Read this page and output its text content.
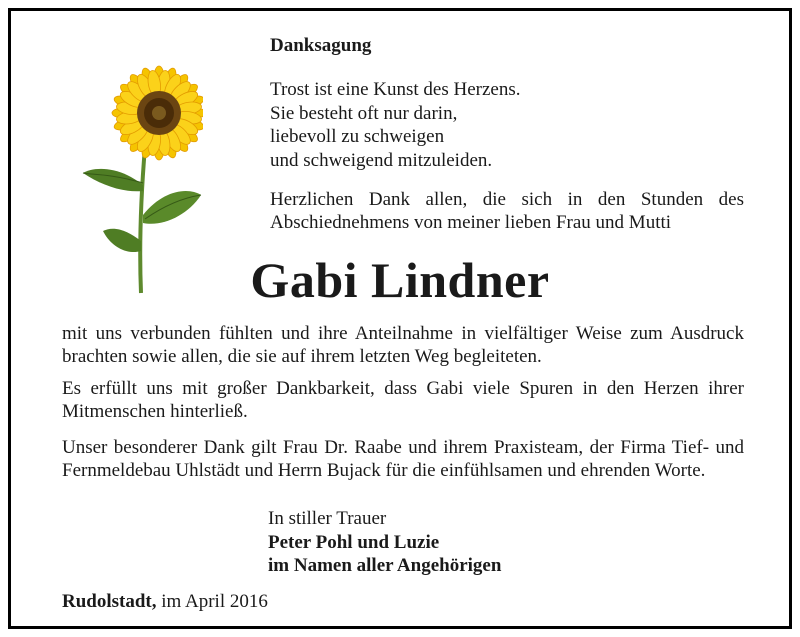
Danksagung
Trost ist eine Kunst des Herzens.
Sie besteht oft nur darin,
liebevoll zu schweigen
und schweigend mitzuleiden.
Herzlichen Dank allen, die sich in den Stunden des Abschiednehmens von meiner lieben Frau und Mutti
Gabi Lindner
mit uns verbunden fühlten und ihre Anteilnahme in vielfältiger Weise zum Ausdruck brachten sowie allen, die sie auf ihrem letzten Weg begleiteten.
Es erfüllt uns mit großer Dankbarkeit, dass Gabi viele Spuren in den Herzen ihrer Mitmenschen hinterließ.
Unser besonderer Dank gilt Frau Dr. Raabe und ihrem Praxisteam, der Firma Tief- und Fernmeldebau Uhlstädt und Herrn Bujack für die einfühlsamen und ehrenden Worte.
In stiller Trauer
Peter Pohl und Luzie
im Namen aller Angehörigen
Rudolstadt, im April 2016
